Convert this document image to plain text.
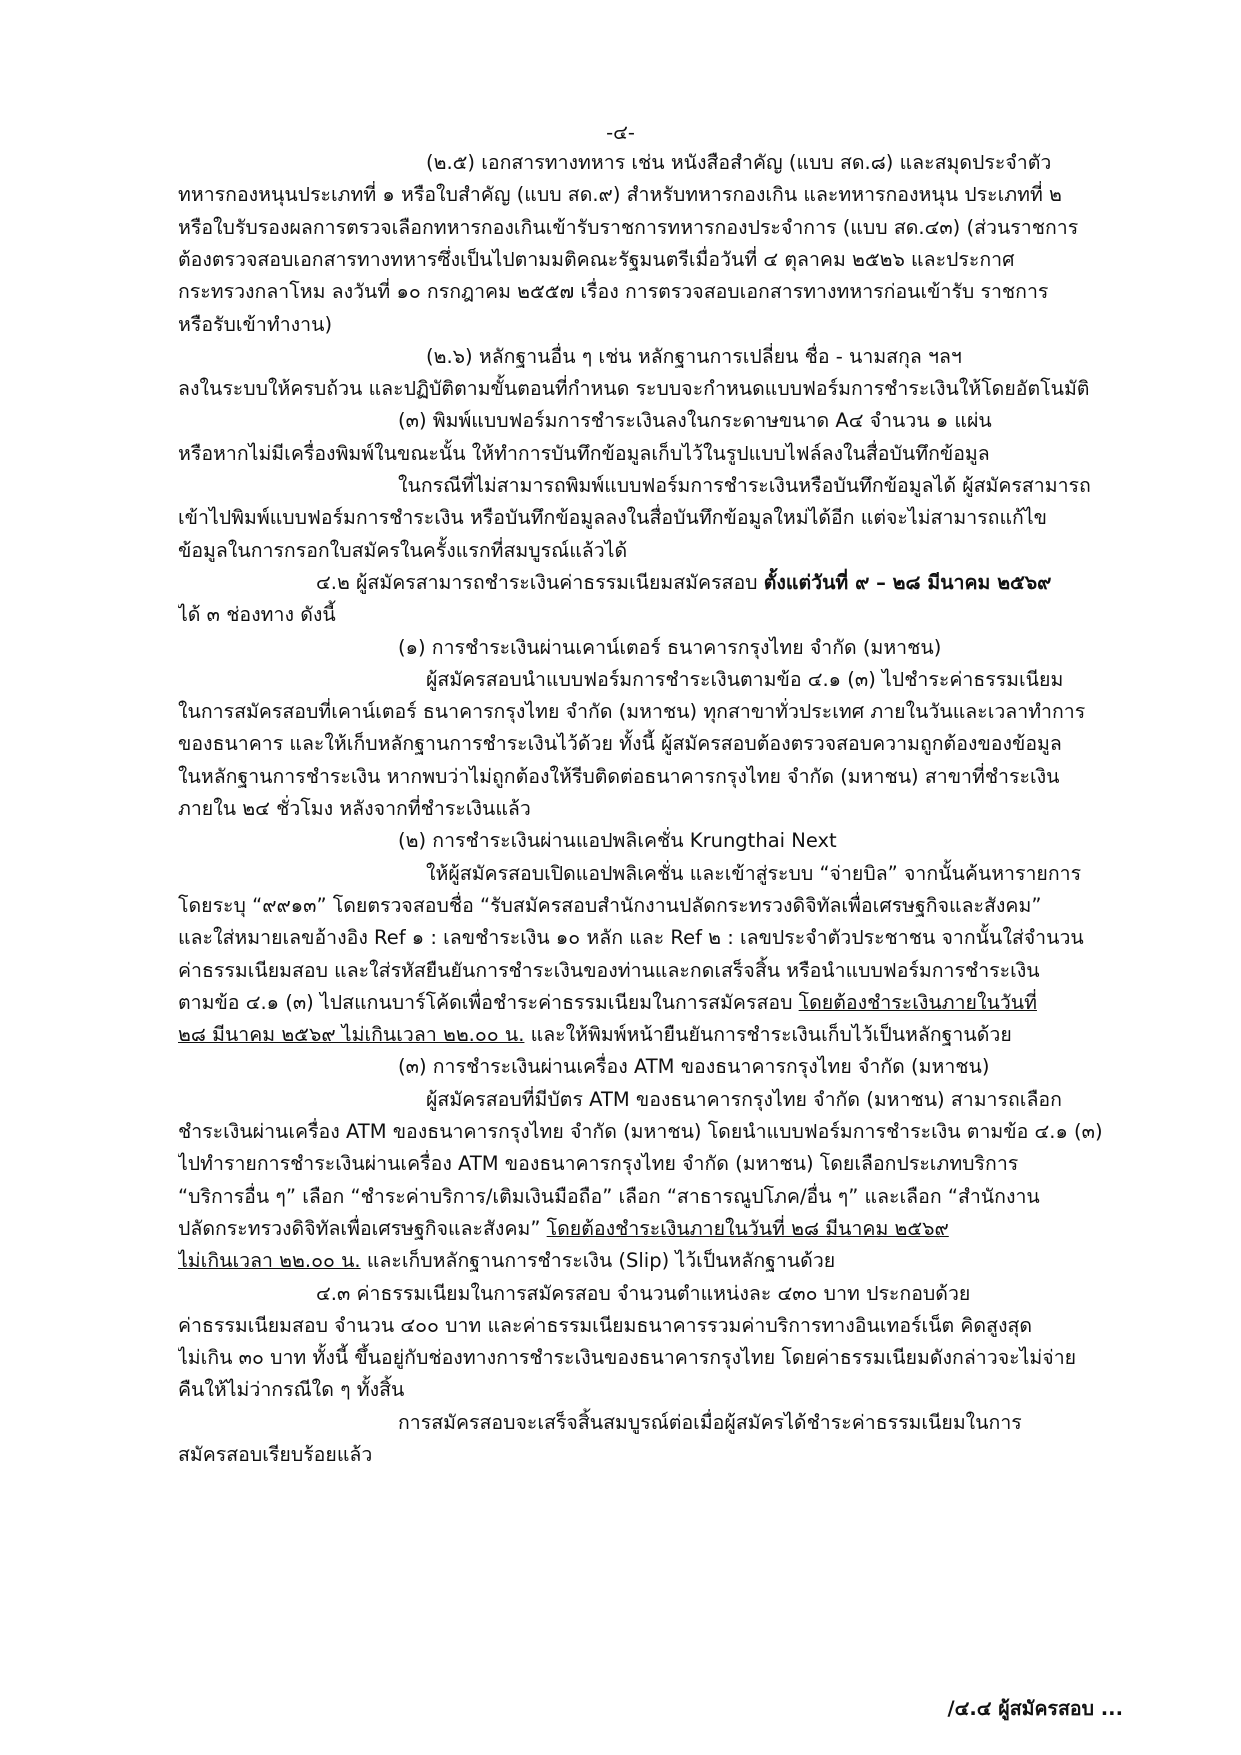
-๔-
(๒.๕) เอกสารทางทหาร เช่น หนังสือสำคัญ (แบบ สด.๘) และสมุดประจำตัว
ทหารกองหนุนประเภทที่ ๑ หรือใบสำคัญ (แบบ สด.๙) สำหรับทหารกองเกิน และทหารกองหนุน ประเภทที่ ๒
หรือใบรับรองผลการตรวจเลือกทหารกองเกินเข้ารับราชการทหารกองประจำการ (แบบ สด.๔๓) (ส่วนราชการ
ต้องตรวจสอบเอกสารทางทหารซึ่งเป็นไปตามมติคณะรัฐมนตรีเมื่อวันที่ ๔ ตุลาคม ๒๕๒๖ และประกาศ
กระทรวงกลาโหม ลงวันที่ ๑๐ กรกฎาคม ๒๕๕๗ เรื่อง การตรวจสอบเอกสารทางทหารก่อนเข้ารับ ราชการ
หรือรับเข้าทำงาน)
(๒.๖) หลักฐานอื่น ๆ เช่น หลักฐานการเปลี่ยน ชื่อ - นามสกุล ฯลฯ
ลงในระบบให้ครบถ้วน และปฏิบัติตามขั้นตอนที่กำหนด ระบบจะกำหนดแบบฟอร์มการชำระเงินให้โดยอัตโนมัติ
(๓) พิมพ์แบบฟอร์มการชำระเงินลงในกระดาษขนาด A๔ จำนวน ๑ แผ่น
หรือหากไม่มีเครื่องพิมพ์ในขณะนั้น ให้ทำการบันทึกข้อมูลเก็บไว้ในรูปแบบไฟล์ลงในสื่อบันทึกข้อมูล
ในกรณีที่ไม่สามารถพิมพ์แบบฟอร์มการชำระเงินหรือบันทึกข้อมูลได้ ผู้สมัครสามารถ
เข้าไปพิมพ์แบบฟอร์มการชำระเงิน หรือบันทึกข้อมูลลงในสื่อบันทึกข้อมูลใหม่ได้อีก แต่จะไม่สามารถแก้ไข
ข้อมูลในการกรอกใบสมัครในครั้งแรกที่สมบูรณ์แล้วได้
๔.๒ ผู้สมัครสามารถชำระเงินค่าธรรมเนียมสมัครสอบ ตั้งแต่วันที่ ๙ – ๒๘ มีนาคม ๒๕๖๙
ได้ ๓ ช่องทาง ดังนี้
(๑) การชำระเงินผ่านเคาน์เตอร์ ธนาคารกรุงไทย จำกัด (มหาชน)
ผู้สมัครสอบนำแบบฟอร์มการชำระเงินตามข้อ ๔.๑ (๓) ไปชำระค่าธรรมเนียม
ในการสมัครสอบที่เคาน์เตอร์ ธนาคารกรุงไทย จำกัด (มหาชน) ทุกสาขาทั่วประเทศ ภายในวันและเวลาทำการ
ของธนาคาร และให้เก็บหลักฐานการชำระเงินไว้ด้วย ทั้งนี้ ผู้สมัครสอบต้องตรวจสอบความถูกต้องของข้อมูล
ในหลักฐานการชำระเงิน หากพบว่าไม่ถูกต้องให้รีบติดต่อธนาคารกรุงไทย จำกัด (มหาชน) สาขาที่ชำระเงิน
ภายใน ๒๔ ชั่วโมง หลังจากที่ชำระเงินแล้ว
(๒) การชำระเงินผ่านแอปพลิเคชั่น Krungthai Next
ให้ผู้สมัครสอบเปิดแอปพลิเคชั่น และเข้าสู่ระบบ “จ่ายบิล” จากนั้นค้นหารายการ
โดยระบุ “๙๙๑๓” โดยตรวจสอบชื่อ “รับสมัครสอบสำนักงานปลัดกระทรวงดิจิทัลเพื่อเศรษฐกิจและสังคม”
และใส่หมายเลขอ้างอิง Ref ๑ : เลขชำระเงิน ๑๐ หลัก และ Ref ๒ : เลขประจำตัวประชาชน จากนั้นใส่จำนวน
ค่าธรรมเนียมสอบ และใส่รหัสยืนยันการชำระเงินของท่านและกดเสร็จสิ้น หรือนำแบบฟอร์มการชำระเงิน
ตามข้อ ๔.๑ (๓) ไปสแกนบาร์โค้ดเพื่อชำระค่าธรรมเนียมในการสมัครสอบ โดยต้องชำระเงินภายในวันที่
๒๘ มีนาคม ๒๕๖๙ ไม่เกินเวลา ๒๒.๐๐ น. และให้พิมพ์หน้ายืนยันการชำระเงินเก็บไว้เป็นหลักฐานด้วย
(๓) การชำระเงินผ่านเครื่อง ATM ของธนาคารกรุงไทย จำกัด (มหาชน)
ผู้สมัครสอบที่มีบัตร ATM ของธนาคารกรุงไทย จำกัด (มหาชน) สามารถเลือก
ชำระเงินผ่านเครื่อง ATM ของธนาคารกรุงไทย จำกัด (มหาชน) โดยนำแบบฟอร์มการชำระเงิน ตามข้อ ๔.๑ (๓)
ไปทำรายการชำระเงินผ่านเครื่อง ATM ของธนาคารกรุงไทย จำกัด (มหาชน) โดยเลือกประเภทบริการ
“บริการอื่น ๆ” เลือก “ชำระค่าบริการ/เติมเงินมือถือ” เลือก “สาธารณูปโภค/อื่น ๆ” และเลือก “สำนักงาน
ปลัดกระทรวงดิจิทัลเพื่อเศรษฐกิจและสังคม” โดยต้องชำระเงินภายในวันที่ ๒๘ มีนาคม ๒๕๖๙
ไม่เกินเวลา ๒๒.๐๐ น. และเก็บหลักฐานการชำระเงิน (Slip) ไว้เป็นหลักฐานด้วย
๔.๓ ค่าธรรมเนียมในการสมัครสอบ จำนวนตำแหน่งละ ๔๓๐ บาท ประกอบด้วย
ค่าธรรมเนียมสอบ จำนวน ๔๐๐ บาท และค่าธรรมเนียมธนาคารรวมค่าบริการทางอินเทอร์เน็ต คิดสูงสุด
ไม่เกิน ๓๐ บาท ทั้งนี้ ขึ้นอยู่กับช่องทางการชำระเงินของธนาคารกรุงไทย โดยค่าธรรมเนียมดังกล่าวจะไม่จ่าย
คืนให้ไม่ว่ากรณีใด ๆ ทั้งสิ้น
การสมัครสอบจะเสร็จสิ้นสมบูรณ์ต่อเมื่อผู้สมัครได้ชำระค่าธรรมเนียมในการ
สมัครสอบเรียบร้อยแล้ว
/๔.๔ ผู้สมัครสอบ ...
